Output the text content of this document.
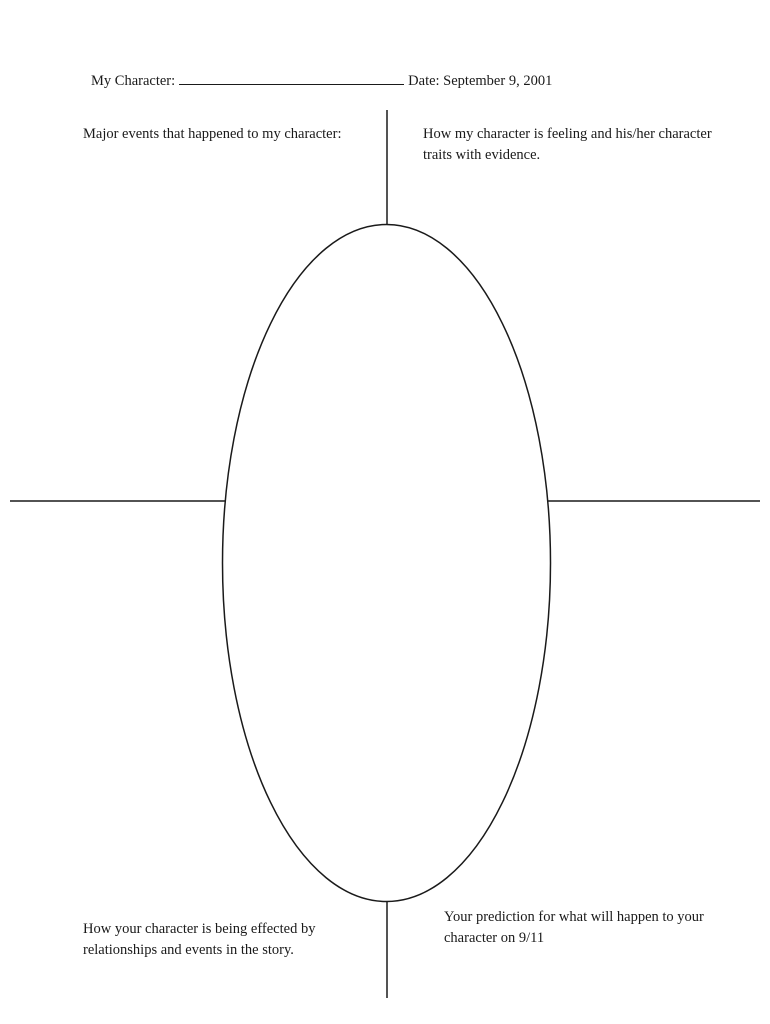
My Character:	Date: September 9, 2001
Major events that happened to my character:	How my character is feeling and his/her character traits with evidence.
How your character is being effected by relationships and events in the story.
Your prediction for what will happen to your character on 9/11
